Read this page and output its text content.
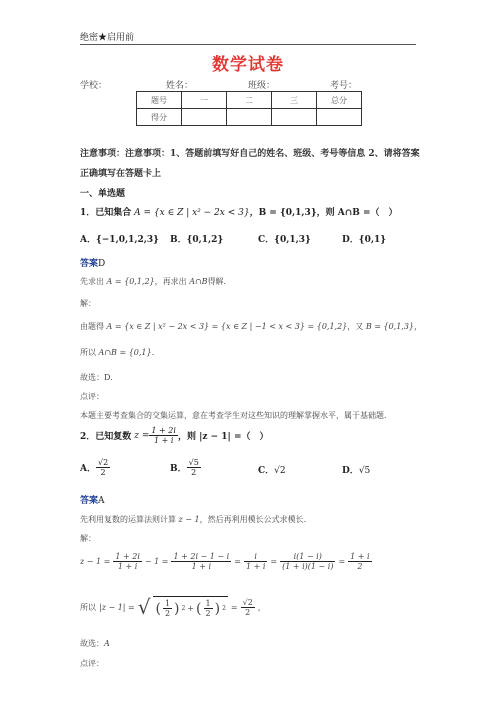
绝密★启用前
数学试卷
学校：	姓名：	班级：	考号：
题号	一	二	三	总分
得分				
注意事项：注意事项：1、答题前填写好自己的姓名、班级、考号等信息 2、请将答案
正确填写在答题卡上
一、单选题
1．已知集合 A = {x ∈ Z | x² − 2x < 3}，B = {0,1,3}，则 A∩B =（　）
A．{−1,0,1,2,3} B．{0,1,2}	C．{0,1,3}	D．{0,1}
答案D
先求出 A = {0,1,2}，再求出 A∩B得解.
解：
由题得 A = {x ∈ Z | x² − 2x < 3} = {x ∈ Z | −1 < x < 3} = {0,1,2}，又 B = {0,1,3}，
所以 A∩B = {0,1}.
故选：D.
点评：
本题主要考查集合的交集运算，意在考查学生对这些知识的理解掌握水平，属于基础题.
2．已知复数 $z = \frac{1 + 2i}{1 + i}$ ，则 |z − 1| =（　）
A． $\frac{√2}{2}$	B． $\frac{√5}{2}$	C．√2	D．√5
答案A
先利用复数的运算法则计算 z − 1，然后再利用模长公式求模长.
解：
$z - 1 = \frac{1 + 2i}{1 + i} - 1 = \frac{1 + 2i - 1 - i}{1 + i} = \frac{i}{1 + i} = \frac{i(1 - i)}{(1 + i)(1 - i)} = \frac{1 + i}{2}$
所以 |z − 1| = √ ( $\frac{1}{2}$ ) 2 + ( $\frac{1}{2}$ ) $2 = \frac{√2}{2}$ ，
故选：A
点评：
